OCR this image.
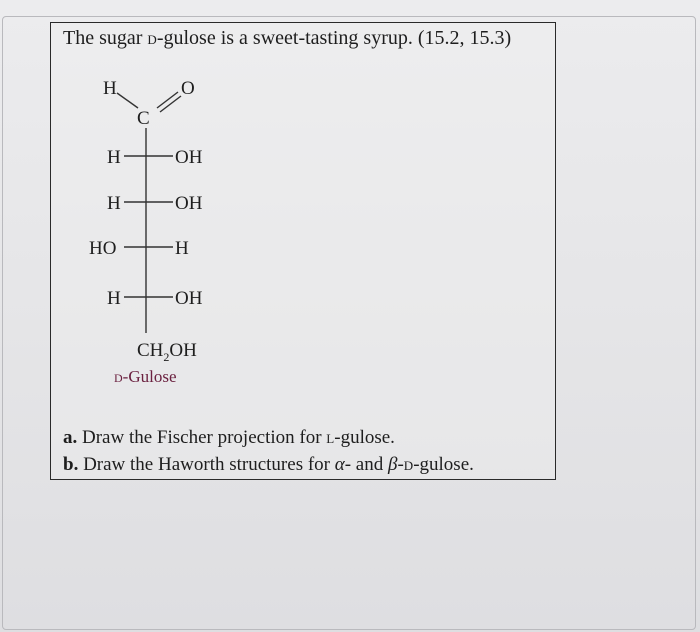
The sugar d-gulose is a sweet-tasting syrup. (15.2, 15.3)
H
C
O
H	OH
H	OH
HO	H
H	OH
$CH_2OH$
d-Gulose
a. Draw the Fischer projection for l-gulose.
b. Draw the Haworth structures for α- and β-d-gulose.
